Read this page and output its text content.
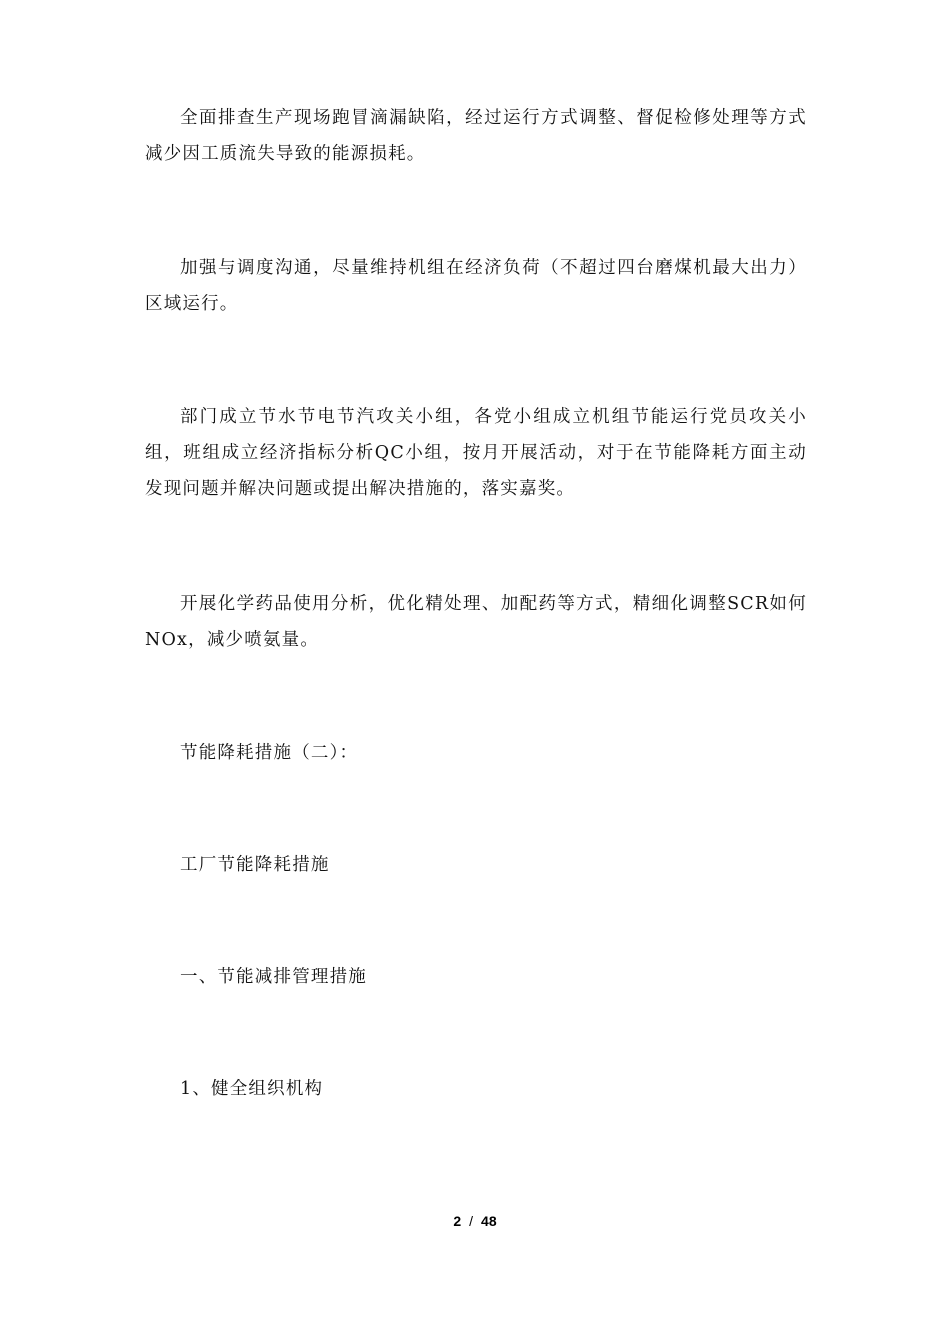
全面排查生产现场跑冒滴漏缺陷，经过运行方式调整、督促检修处理等方式减少因工质流失导致的能源损耗。

加强与调度沟通，尽量维持机组在经济负荷（不超过四台磨煤机最大出力）区域运行。

部门成立节水节电节汽攻关小组，各党小组成立机组节能运行党员攻关小组，班组成立经济指标分析QC小组，按月开展活动，对于在节能降耗方面主动发现问题并解决问题或提出解决措施的，落实嘉奖。

开展化学药品使用分析，优化精处理、加配药等方式，精细化调整SCR如何NOx，减少喷氨量。

节能降耗措施（二）：

工厂节能降耗措施

一、节能减排管理措施

1、健全组织机构

2 / 48
